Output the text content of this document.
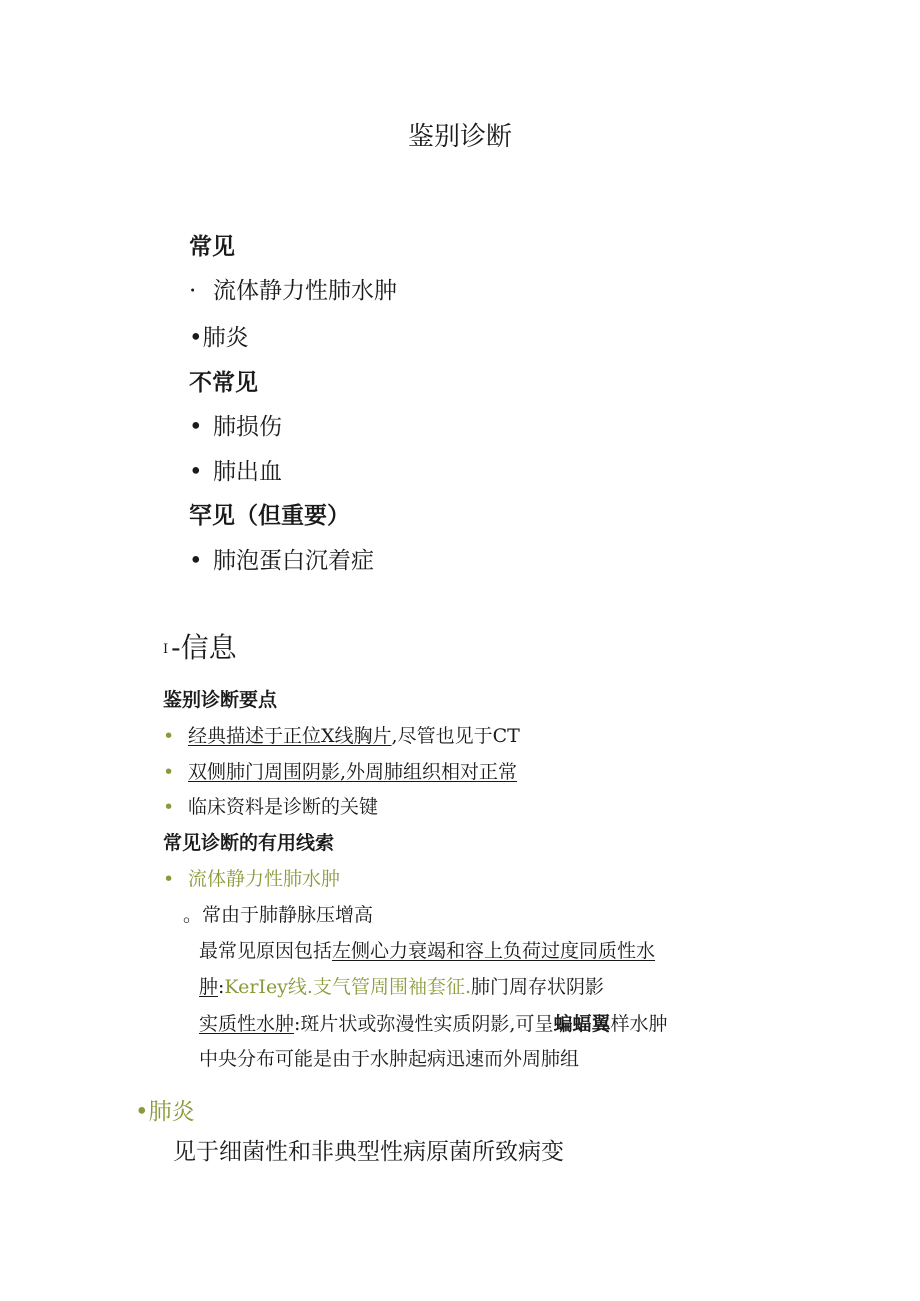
鉴别诊断
常见
· 流体静力性肺水肿
•肺炎
不常见
• 肺损伤
• 肺出血
罕见（但重要）
• 肺泡蛋白沉着症
I -信息
鉴别诊断要点
• 经典描述于正位X线胸片,尽管也见于CT
• 双侧肺门周围阴影,外周肺组织相对正常
• 临床资料是诊断的关键
常见诊断的有用线索
• 流体静力性肺水肿
。常由于肺静脉压增高
最常见原因包括左侧心力衰竭和容上负荷过度同质性水
肿:KerIey线.支气管周围袖套征.肺门周存状阴影
实质性水肿:斑片状或弥漫性实质阴影,可呈蝙蝠翼样水肿
中央分布可能是由于水肿起病迅速而外周肺组
•肺炎
见于细菌性和非典型性病原菌所致病变
